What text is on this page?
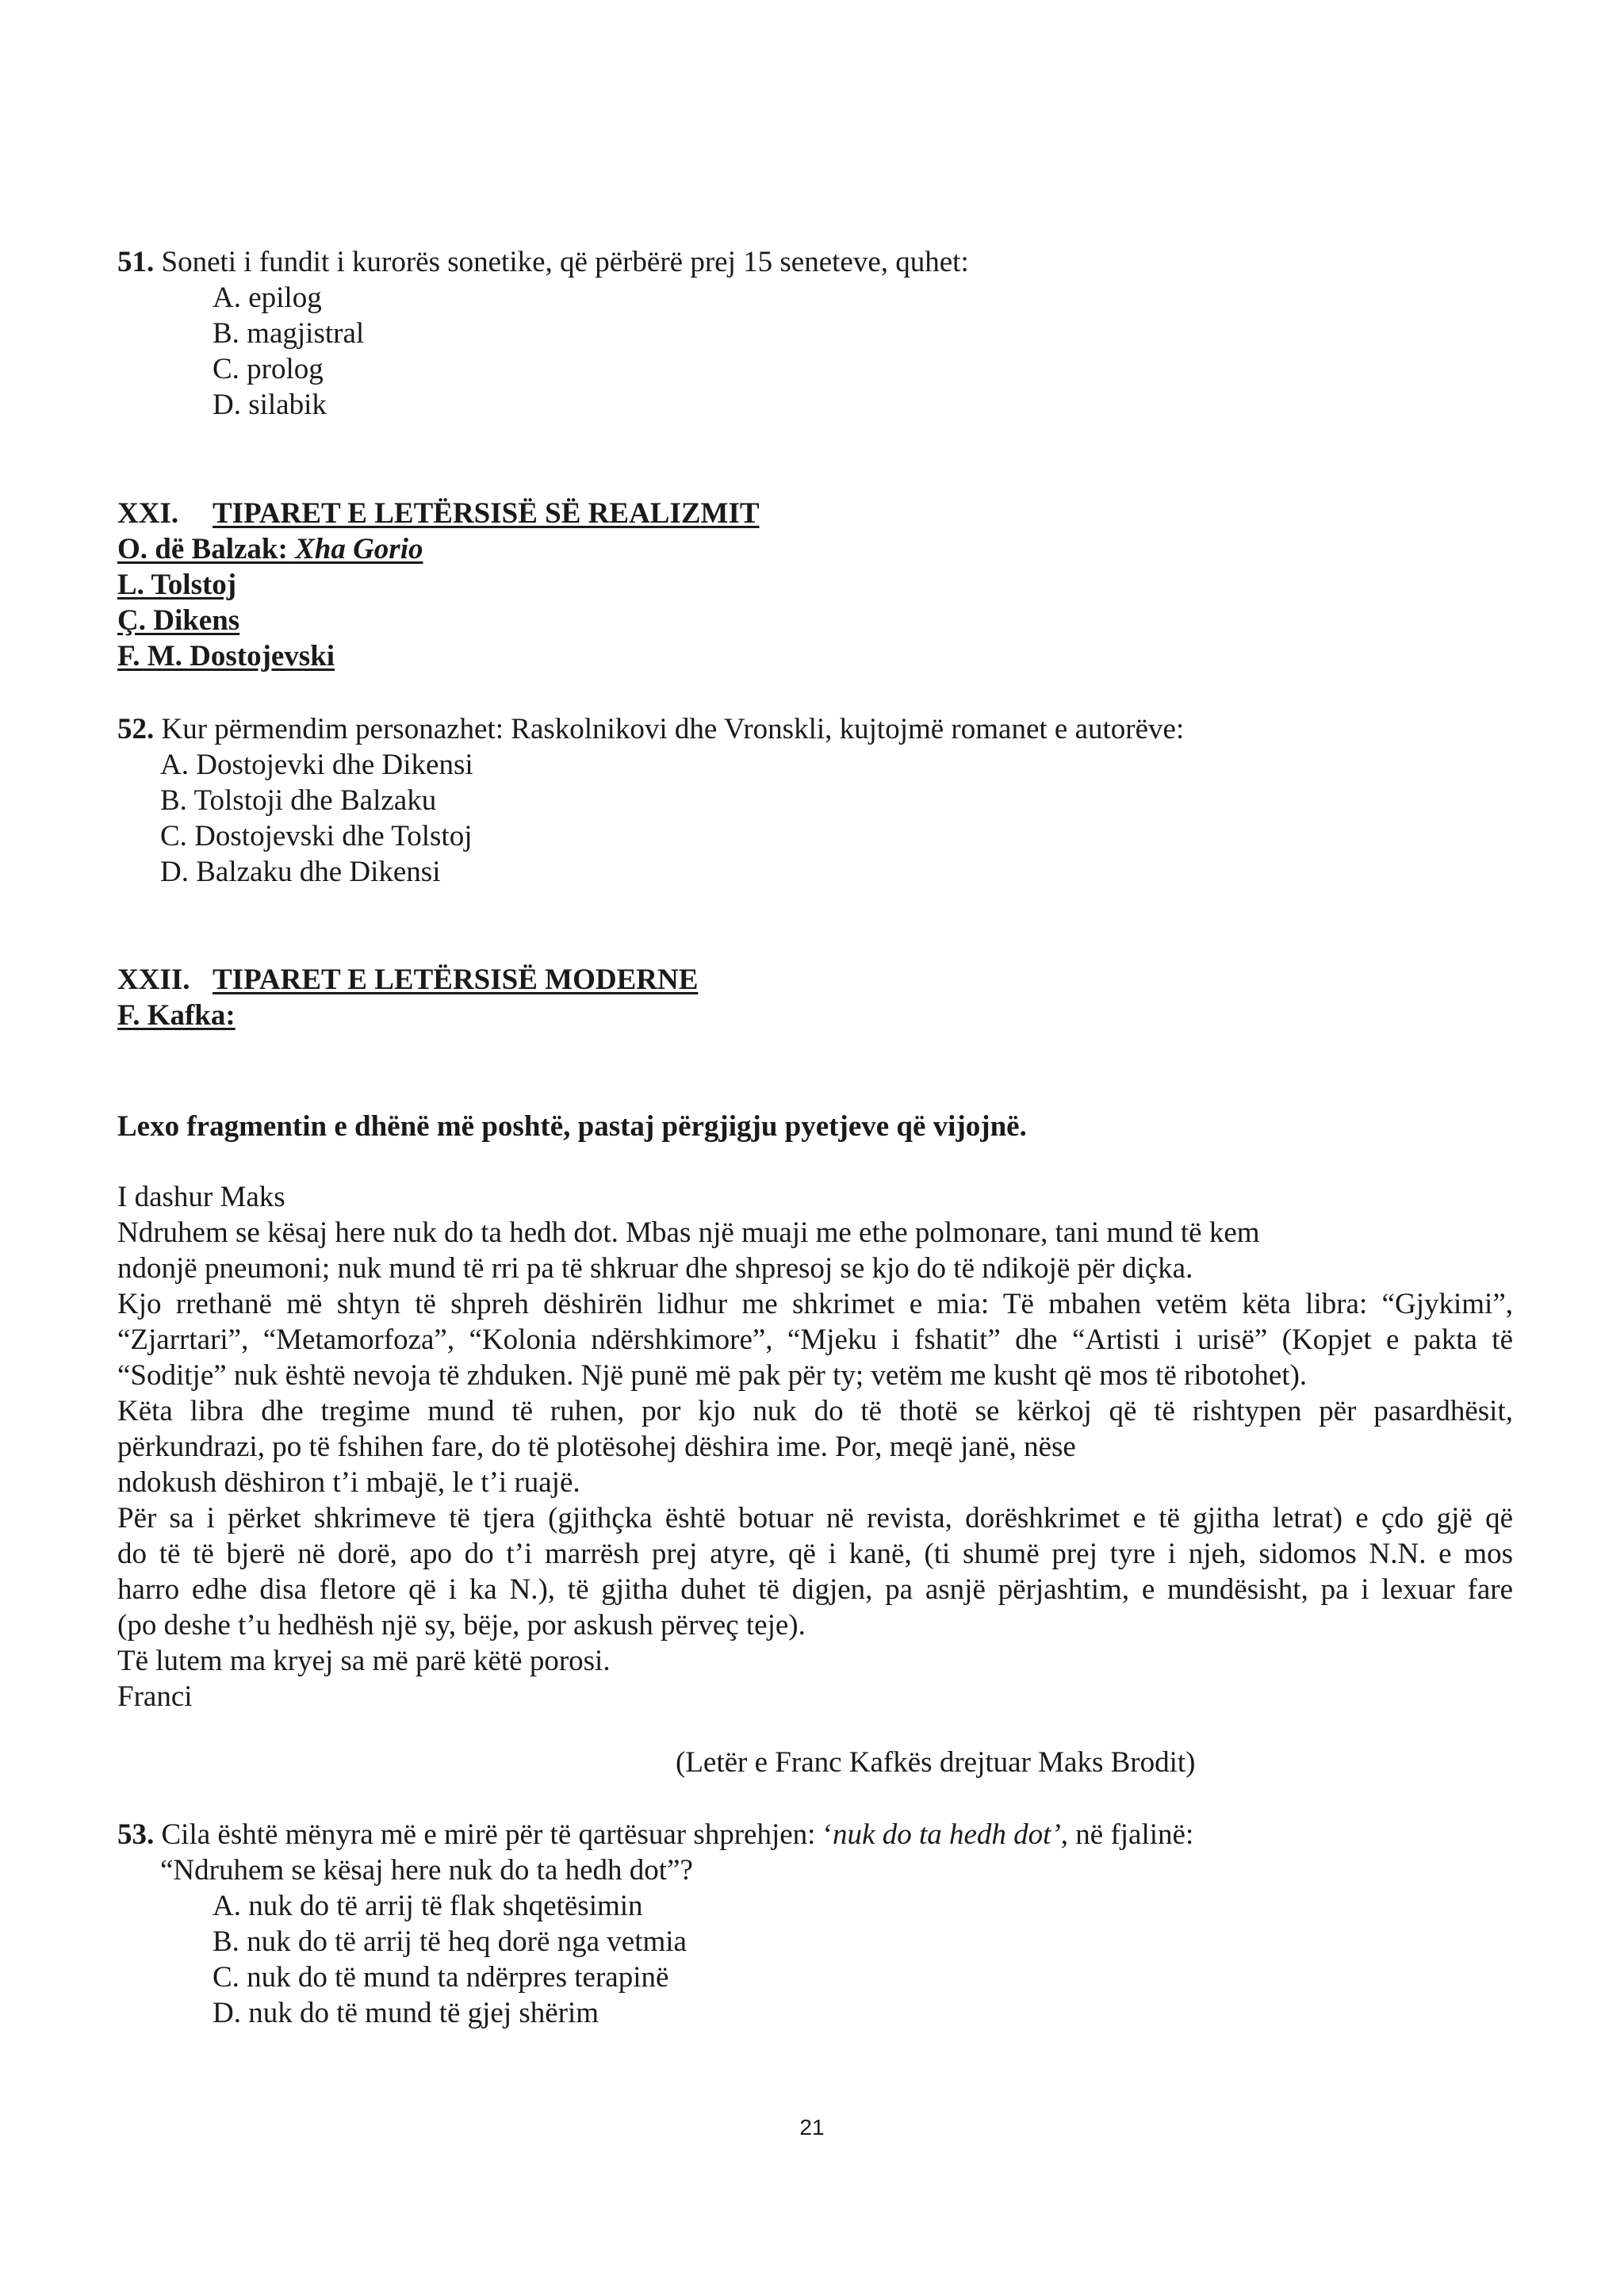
51. Soneti i fundit i kurorës sonetike, që përbërë prej 15 seneteve, quhet:
A. epilog
B. magjistral
C. prolog
D. silabik
XXI. TIPARET E LETËRSISË SË REALIZMIT
O. dë Balzak: Xha Gorio
L. Tolstoj
Ç. Dikens
F. M. Dostojevski
52. Kur përmendim personazhet: Raskolnikovi dhe Vronskli, kujtojmë romanet e autorëve:
A. Dostojevki dhe Dikensi
B. Tolstoji dhe Balzaku
C. Dostojevski dhe Tolstoj
D. Balzaku dhe Dikensi
XXII. TIPARET E LETËRSISË MODERNE
F. Kafka:
Lexo fragmentin e dhënë më poshtë, pastaj përgjigju pyetjeve që vijojnë.
I dashur Maks
Ndruhem se kësaj here nuk do ta hedh dot. Mbas një muaji me ethe polmonare, tani mund të kem
ndonjë pneumoni; nuk mund të rri pa të shkruar dhe shpresoj se kjo do të ndikojë për diçka.
Kjo rrethanë më shtyn të shpreh dëshirën lidhur me shkrimet e mia: Të mbahen vetëm këta libra: “Gjykimi”,
“Zjarrtari”, “Metamorfoza”, “Kolonia ndërshkimore”, “Mjeku i fshatit” dhe “Artisti i urisë” (Kopjet e pakta të
“Soditje” nuk është nevoja të zhduken. Një punë më pak për ty; vetëm me kusht që mos të ribotohet).
Këta libra dhe tregime mund të ruhen, por kjo nuk do të thotë se kërkoj që të rishtypen për pasardhësit,
përkundrazi, po të fshihen fare, do të plotësohej dëshira ime. Por, meqë janë, nëse
ndokush dëshiron t’i mbajë, le t’i ruajë.
Për sa i përket shkrimeve të tjera (gjithçka është botuar në revista, dorëshkrimet e të gjitha letrat) e çdo gjë që
do të të bjerë në dorë, apo do t’i marrësh prej atyre, që i kanë, (ti shumë prej tyre i njeh, sidomos N.N. e mos
harro edhe disa fletore që i ka N.), të gjitha duhet të digjen, pa asnjë përjashtim, e mundësisht, pa i lexuar fare
(po deshe t’u hedhësh një sy, bëje, por askush përveç teje).
Të lutem ma kryej sa më parë këtë porosi.
Franci
(Letër e Franc Kafkës drejtuar Maks Brodit)
53. Cila është mënyra më e mirë për të qartësuar shprehjen: ‘nuk do ta hedh dot’, në fjalinë:
“Ndruhem se kësaj here nuk do ta hedh dot”?
A. nuk do të arrij të flak shqetësimin
B. nuk do të arrij të heq dorë nga vetmia
C. nuk do të mund ta ndërpres terapinë
D. nuk do të mund të gjej shërim
21
